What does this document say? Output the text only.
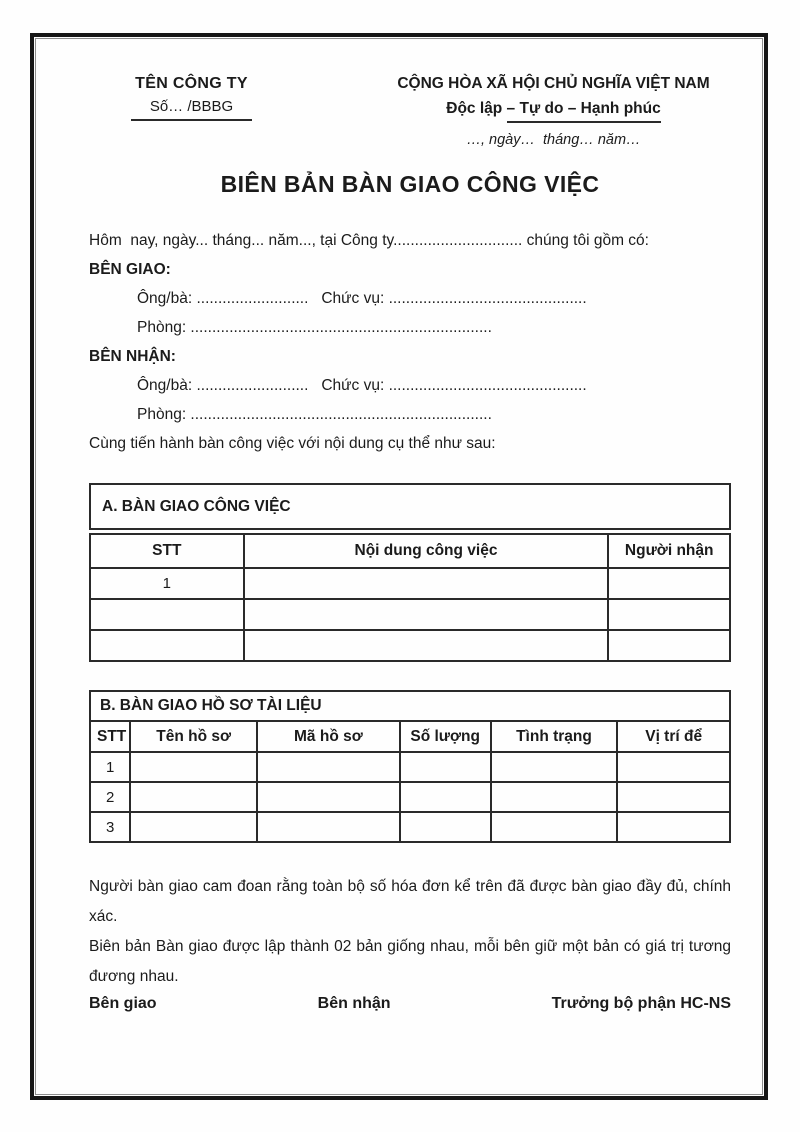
TÊN CÔNG TY
Số… /BBBG
CỘNG HÒA XÃ HỘI CHỦ NGHĨA VIỆT NAM
Độc lập – Tự do – Hạnh phúc
…, ngày…  tháng… năm…
BIÊN BẢN BÀN GIAO CÔNG VIỆC

Hôm  nay, ngày... tháng... năm..., tại Công ty.............................. chúng tôi gồm có:

BÊN GIAO:

Ông/bà: ..........................   Chức vụ: ..............................................

Phòng: ......................................................................

BÊN NHẬN:

Ông/bà: ..........................   Chức vụ: ..............................................

Phòng: ......................................................................

Cùng tiến hành bàn công việc với nội dung cụ thể như sau:

A. BÀN GIAO CÔNG VIỆC
STT	Nội dung công việc	Người nhận
1		

B. BÀN GIAO HỒ SƠ TÀI LIỆU					
STT	Tên hồ sơ	Mã hồ sơ	Số lượng	Tình trạng	Vị trí để
1					
2					
3					

Người bàn giao cam đoan rằng toàn bộ số hóa đơn kể trên đã được bàn giao đầy đủ, chính xác.

Biên bản Bàn giao được lập thành 02 bản giống nhau, mỗi bên giữ một bản có giá trị tương đương nhau.

Bên giao	Bên nhận	Trưởng bộ phận HC-NS
